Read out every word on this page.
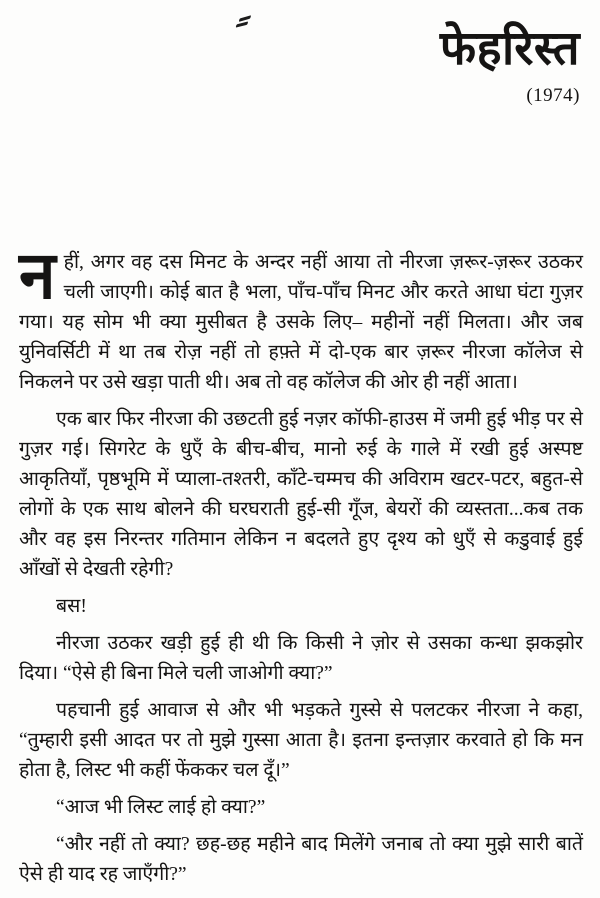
फेहरिस्त
(1974)

नहीं, अगर वह दस मिनट के अन्दर नहीं आया तो नीरजा ज़रूर-ज़रूर उठकर चली जाएगी। कोई बात है भला, पाँच-पाँच मिनट और करते आधा घंटा गुज़र गया। यह सोम भी क्या मुसीबत है उसके लिए– महीनों नहीं मिलता। और जब युनिवर्सिटी में था तब रोज़ नहीं तो हफ़्ते में दो-एक बार ज़रूर नीरजा कॉलेज से निकलने पर उसे खड़ा पाती थी। अब तो वह कॉलेज की ओर ही नहीं आता।

एक बार फिर नीरजा की उछटती हुई नज़र कॉफी-हाउस में जमी हुई भीड़ पर से गुज़र गई। सिगरेट के धुएँ के बीच-बीच, मानो रुई के गाले में रखी हुई अस्पष्ट आकृतियाँ, पृष्ठभूमि में प्याला-तश्तरी, काँटे-चम्मच की अविराम खटर-पटर, बहुत-से लोगों के एक साथ बोलने की घरघराती हुई-सी गूँज, बेयरों की व्यस्तता...कब तक और वह इस निरन्तर गतिमान लेकिन न बदलते हुए दृश्य को धुएँ से कडुवाई हुई आँखों से देखती रहेगी?

बस!

नीरजा उठकर खड़ी हुई ही थी कि किसी ने ज़ोर से उसका कन्धा झकझोर दिया। “ऐसे ही बिना मिले चली जाओगी क्या?”

पहचानी हुई आवाज से और भी भड़कते गुस्से से पलटकर नीरजा ने कहा, “तुम्हारी इसी आदत पर तो मुझे गुस्सा आता है। इतना इन्तज़ार करवाते हो कि मन होता है, लिस्ट भी कहीं फेंककर चल दूँ।”

“आज भी लिस्ट लाई हो क्या?”

“और नहीं तो क्या? छह-छह महीने बाद मिलेंगे जनाब तो क्या मुझे सारी बातें ऐसे ही याद रह जाएँगी?”
